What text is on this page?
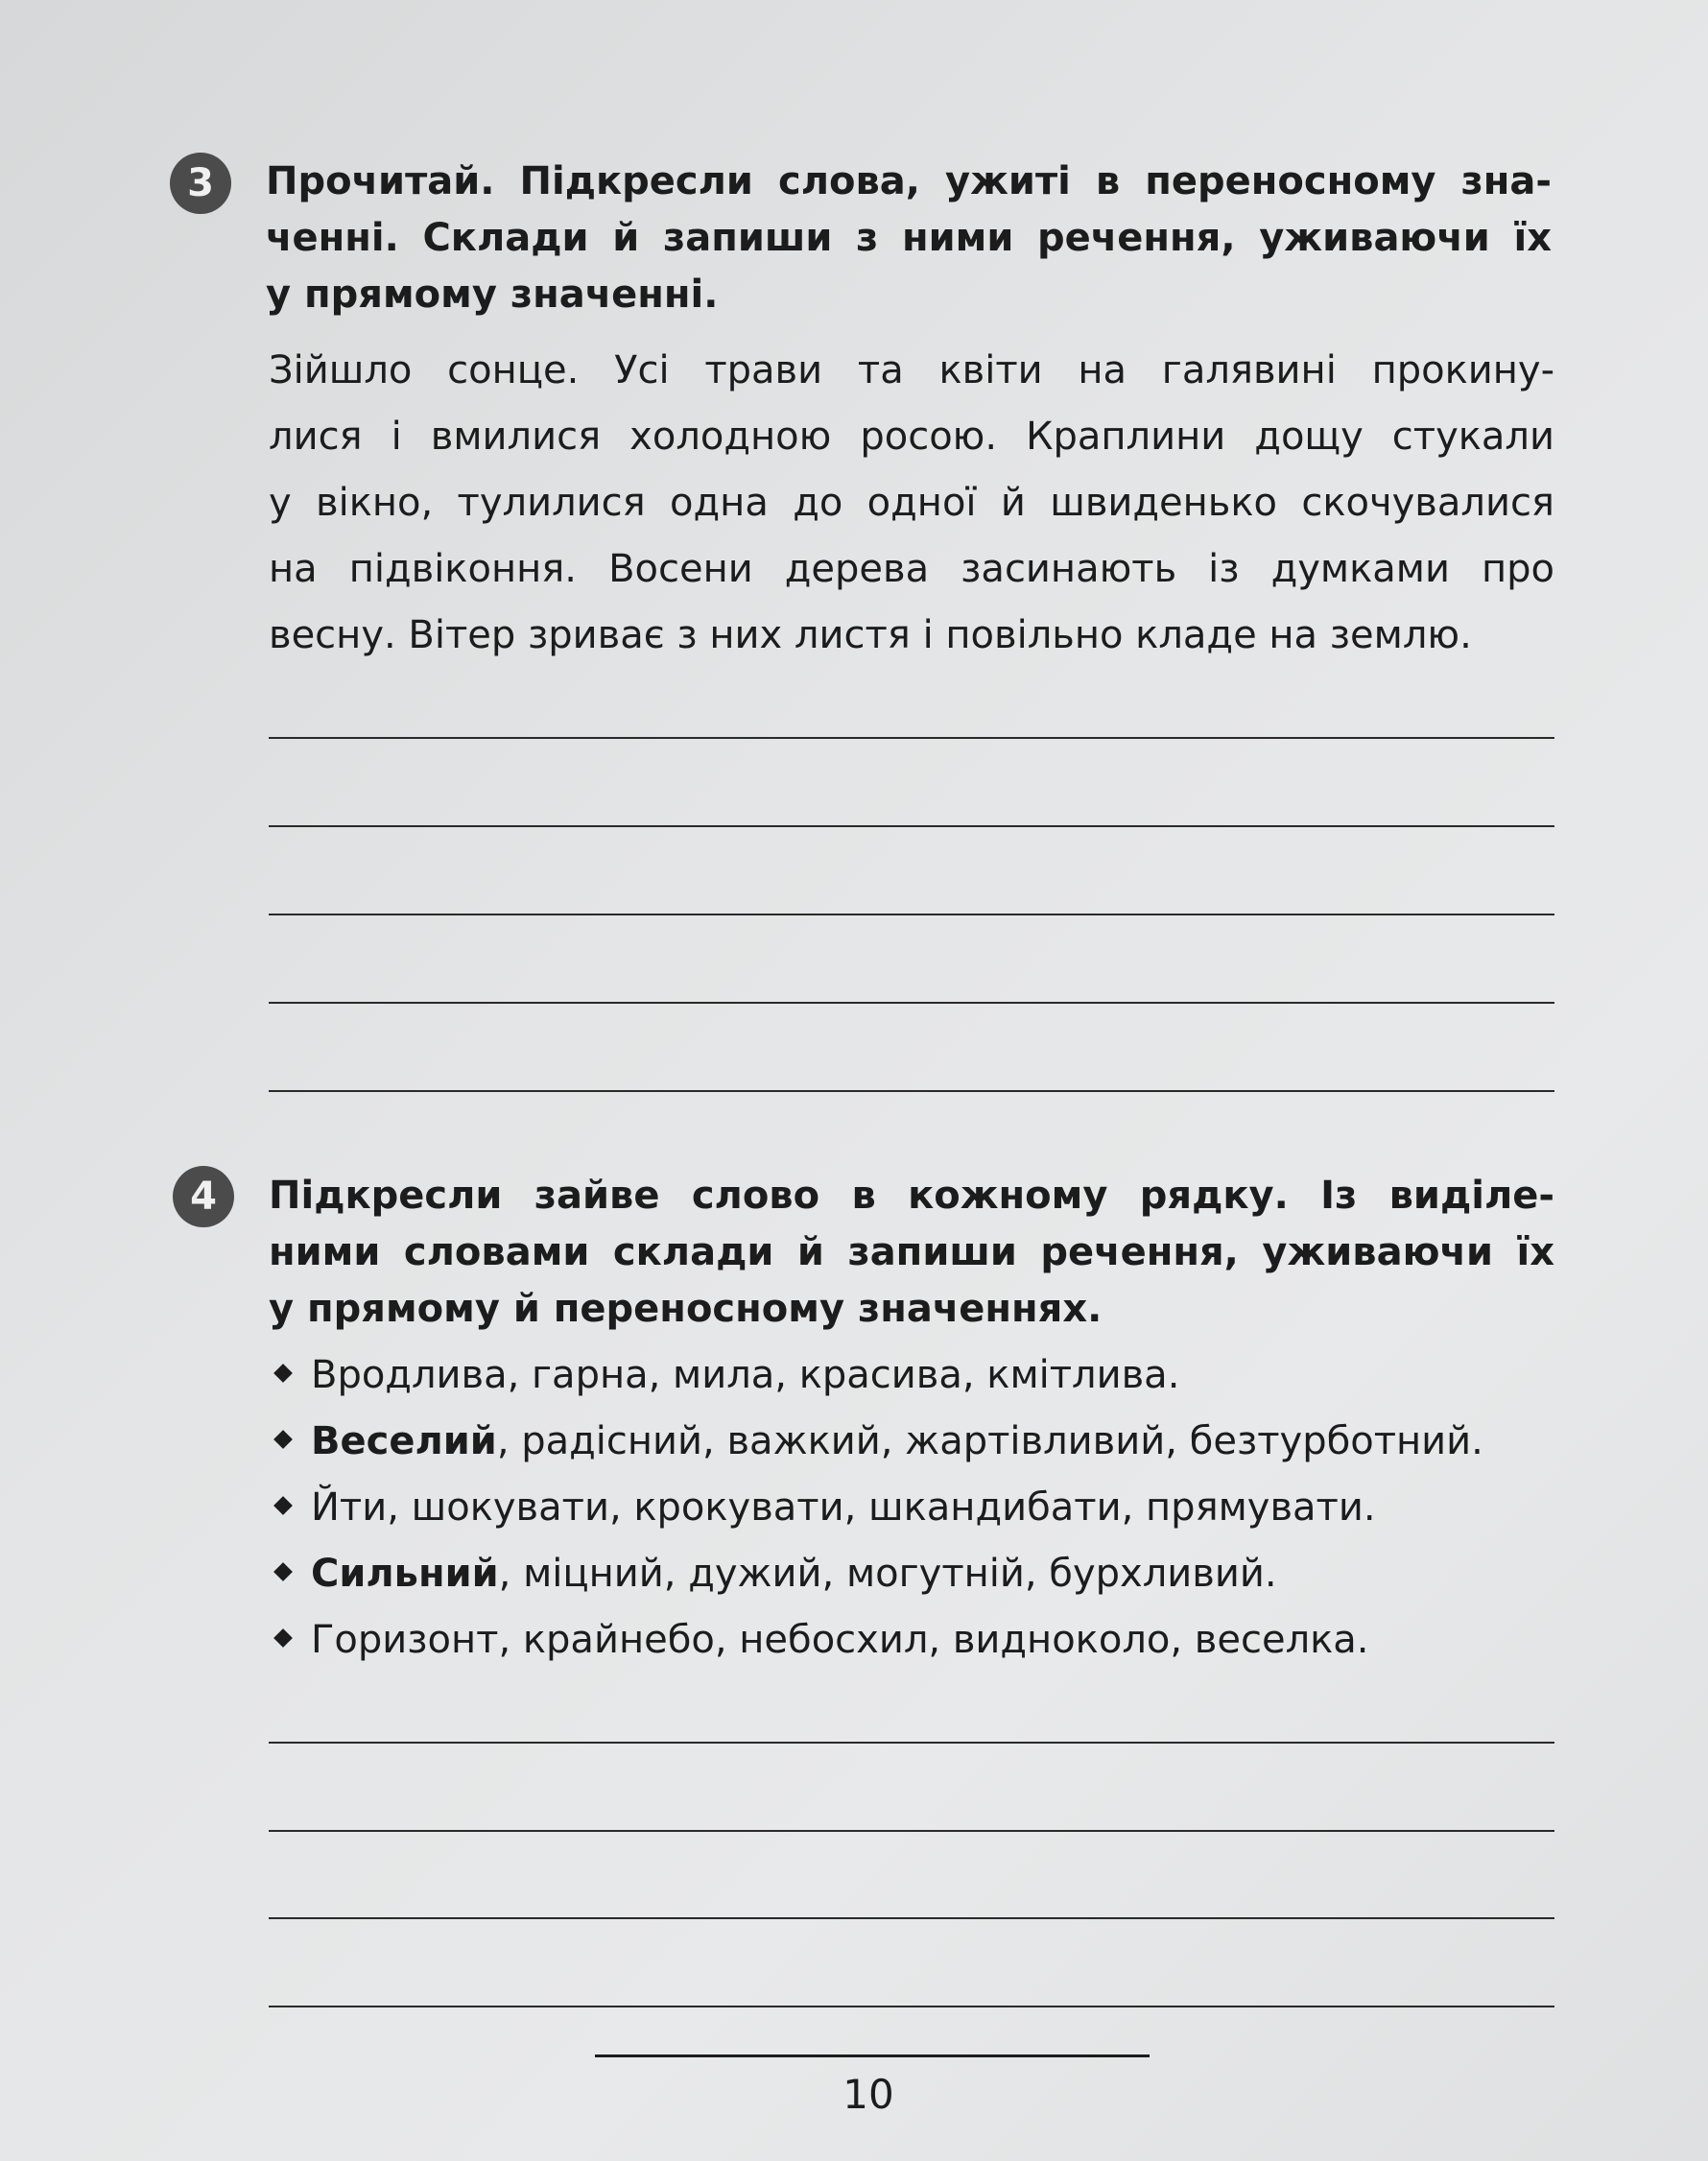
3	Прочитай. Підкресли слова, ужиті в переносному зна-

ченні. Склади й запиши з ними речення, уживаючи їх

у прямому значенні.

Зійшло сонце. Усі трави та квіти на галявині прокину-

лися і вмилися холодною росою. Краплини дощу стукали

у вікно, тулилися одна до одної й швиденько скочувалися

на підвіконня. Восени дерева засинають із думками про

весну. Вітер зриває з них листя і повільно кладе на землю.

4	Підкресли зайве слово в кожному рядку. Із виділе-

ними словами склади й запиши речення, уживаючи їх

у прямому й переносному значеннях.

Вродлива, гарна, мила, красива, кмітлива.
Веселий, радісний, важкий, жартівливий, безтурботний.
Йти, шокувати, крокувати, шкандибати, прямувати.
Сильний, міцний, дужий, могутній, бурхливий.
Горизонт, крайнебо, небосхил, видноколо, веселка.
10
